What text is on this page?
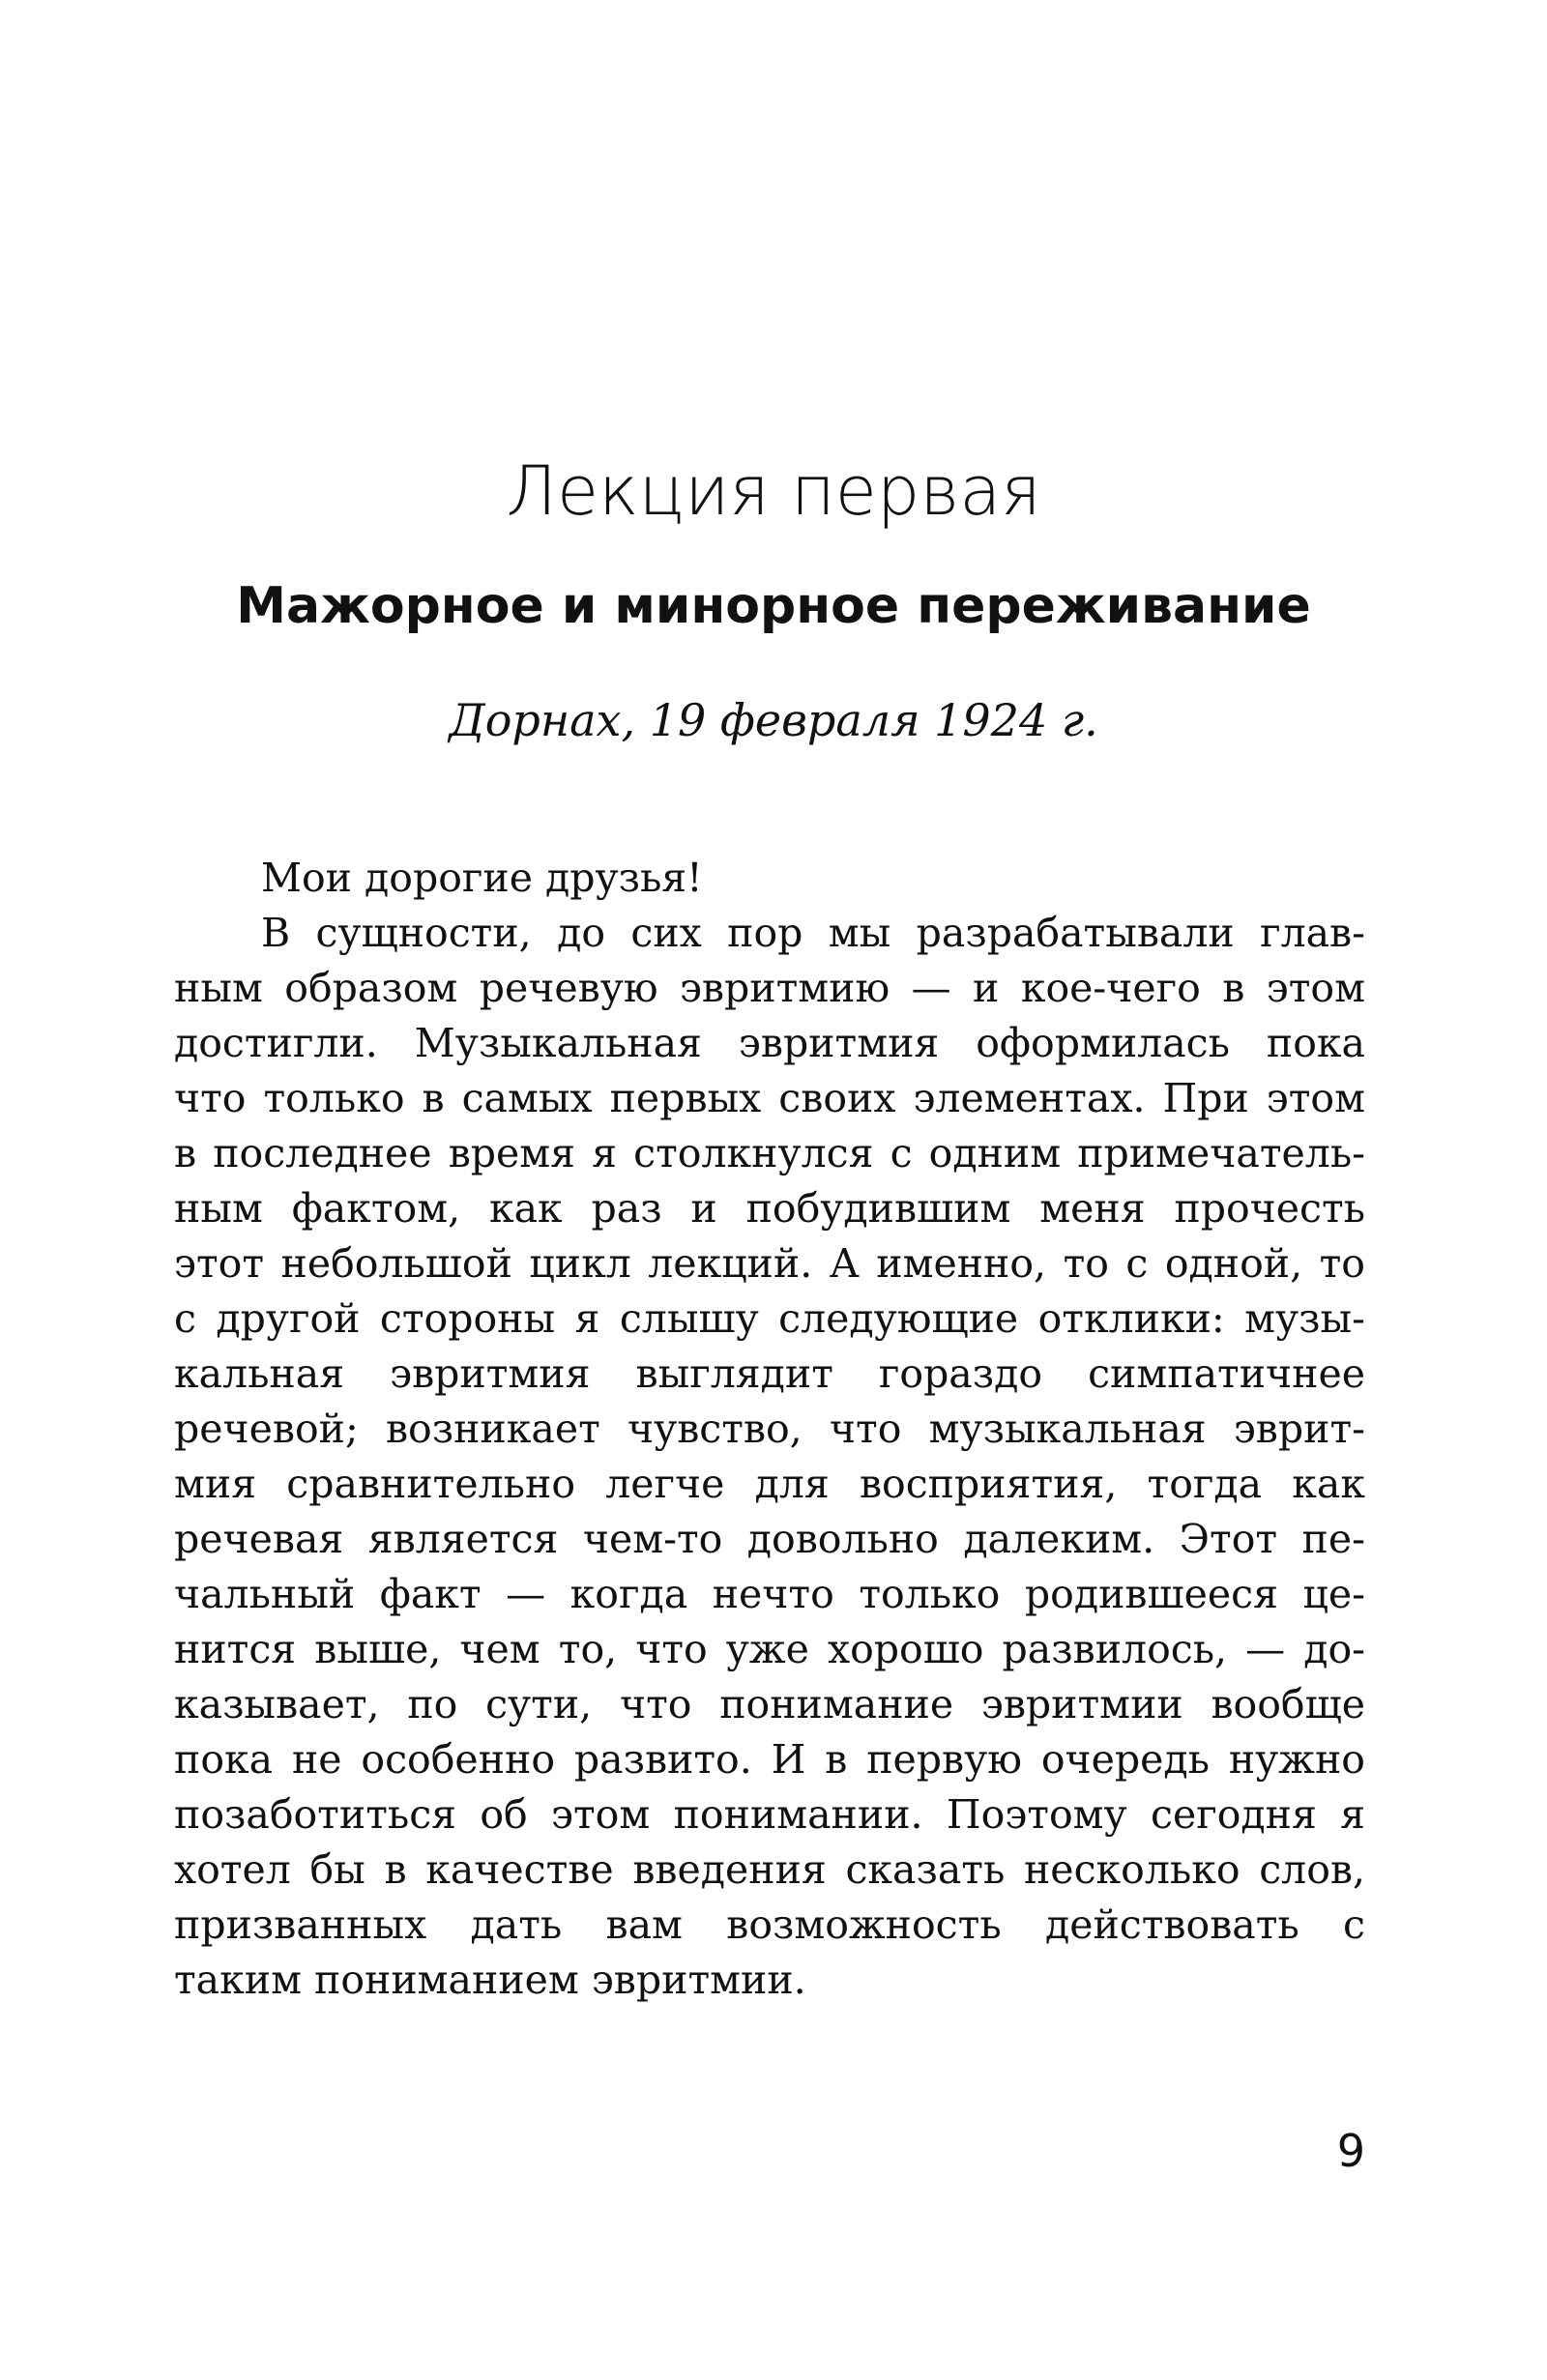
Лекция первая
Мажорное и минорное переживание
Дорнах, 19 февраля 1924 г.
Мои дорогие друзья!
В сущности, до сих пор мы разрабатывали глав-
ным образом речевую эвритмию — и кое-чего в этом
достигли. Музыкальная эвритмия оформилась пока
что только в самых первых своих элементах. При этом
в последнее время я столкнулся с одним примечатель-
ным фактом, как раз и побудившим меня прочесть
этот небольшой цикл лекций. А именно, то с одной, то
с другой стороны я слышу следующие отклики: музы-
кальная эвритмия выглядит гораздо симпатичнее
речевой; возникает чувство, что музыкальная эврит-
мия сравнительно легче для восприятия, тогда как
речевая является чем-то довольно далеким. Этот пе-
чальный факт — когда нечто только родившееся це-
нится выше, чем то, что уже хорошо развилось, — до-
казывает, по сути, что понимание эвритмии вообще
пока не особенно развито. И в первую очередь нужно
позаботиться об этом понимании. Поэтому сегодня я
хотел бы в качестве введения сказать несколько слов,
призванных дать вам возможность действовать с
таким пониманием эвритмии.
9
